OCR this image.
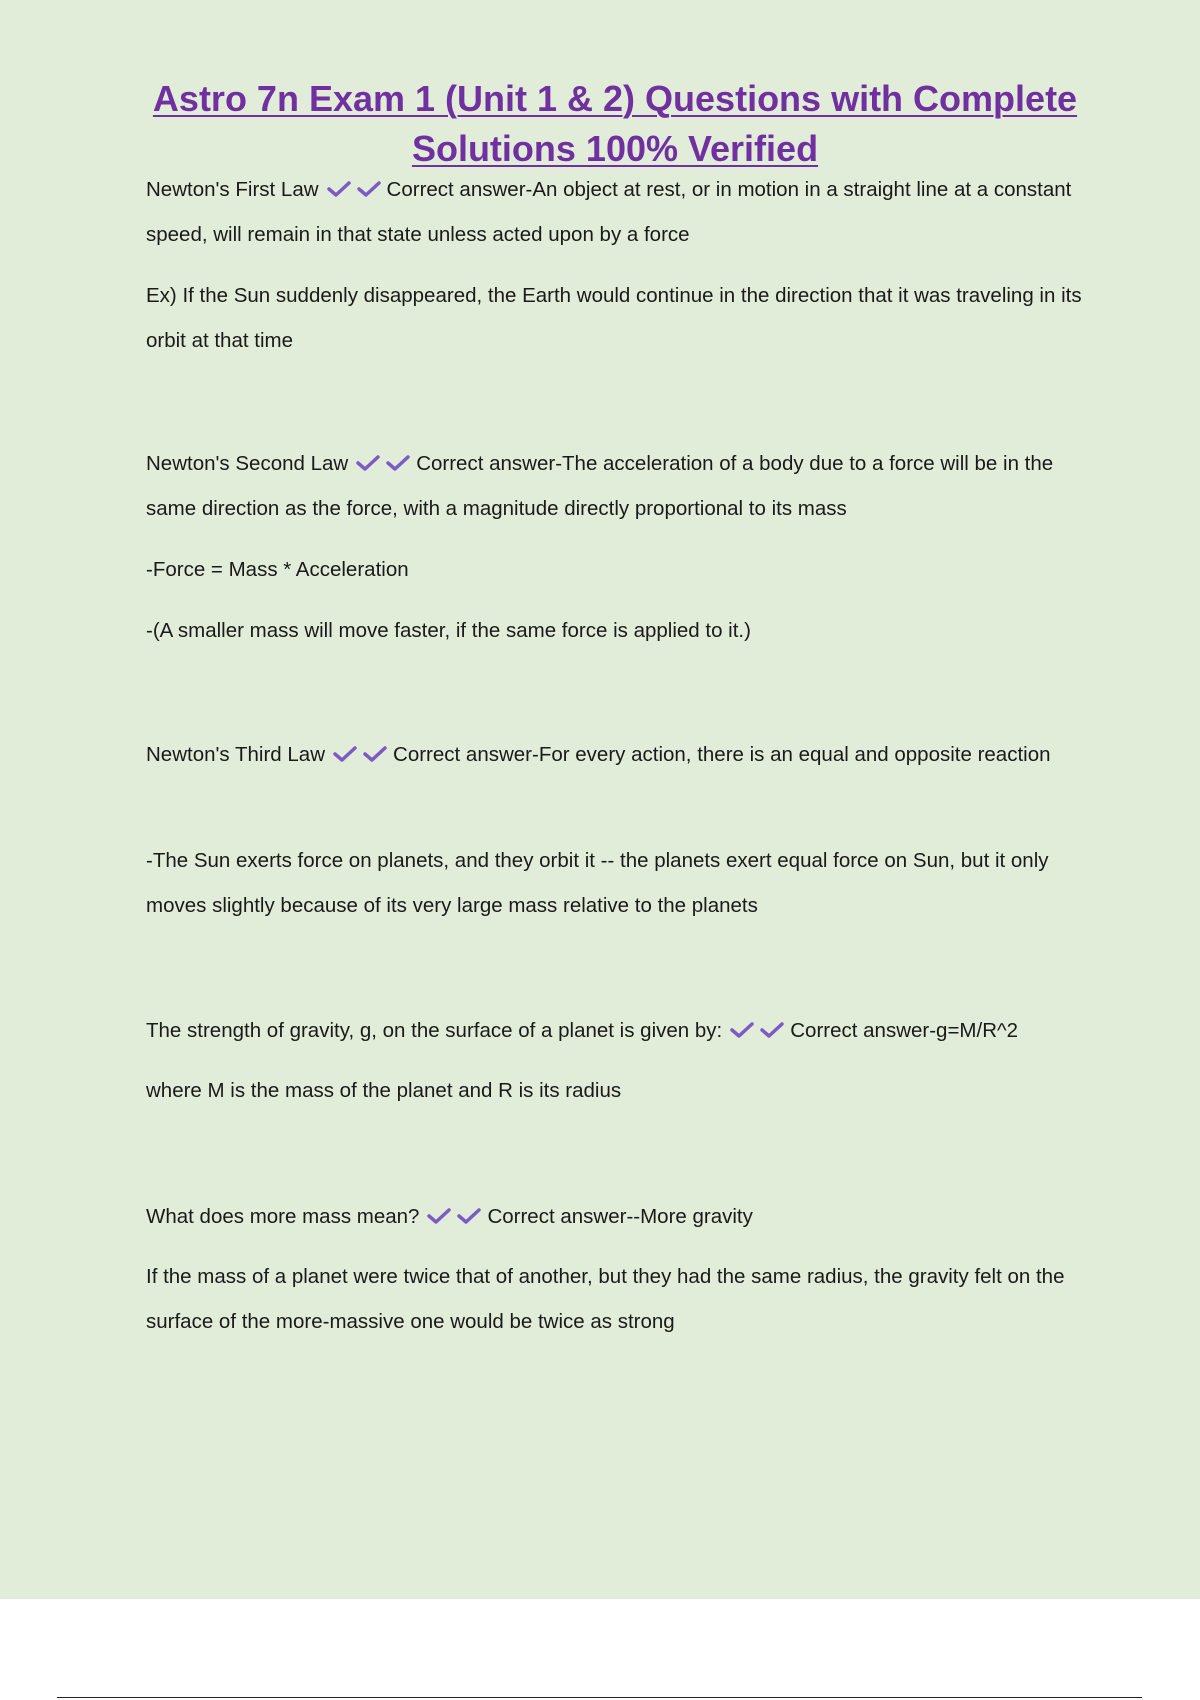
Astro 7n Exam 1 (Unit 1 & 2) Questions with Complete Solutions 100% Verified

Newton's First Law	Correct answer-An object at rest, or in motion in a straight line at a constant speed, will remain in that state unless acted upon by a force

Ex) If the Sun suddenly disappeared, the Earth would continue in the direction that it was traveling in its orbit at that time

Newton's Second Law	Correct answer-The acceleration of a body due to a force will be in the same direction as the force, with a magnitude directly proportional to its mass

-Force = Mass * Acceleration

-(A smaller mass will move faster, if the same force is applied to it.)

Newton's Third Law	Correct answer-For every action, there is an equal and opposite reaction

-The Sun exerts force on planets, and they orbit it -- the planets exert equal force on Sun, but it only moves slightly because of its very large mass relative to the planets

The strength of gravity, g, on the surface of a planet is given by:	Correct answer-g=M/R^2

where M is the mass of the planet and R is its radius

What does more mass mean?	Correct answer--More gravity

If the mass of a planet were twice that of another, but they had the same radius, the gravity felt on the surface of the more-massive one would be twice as strong
